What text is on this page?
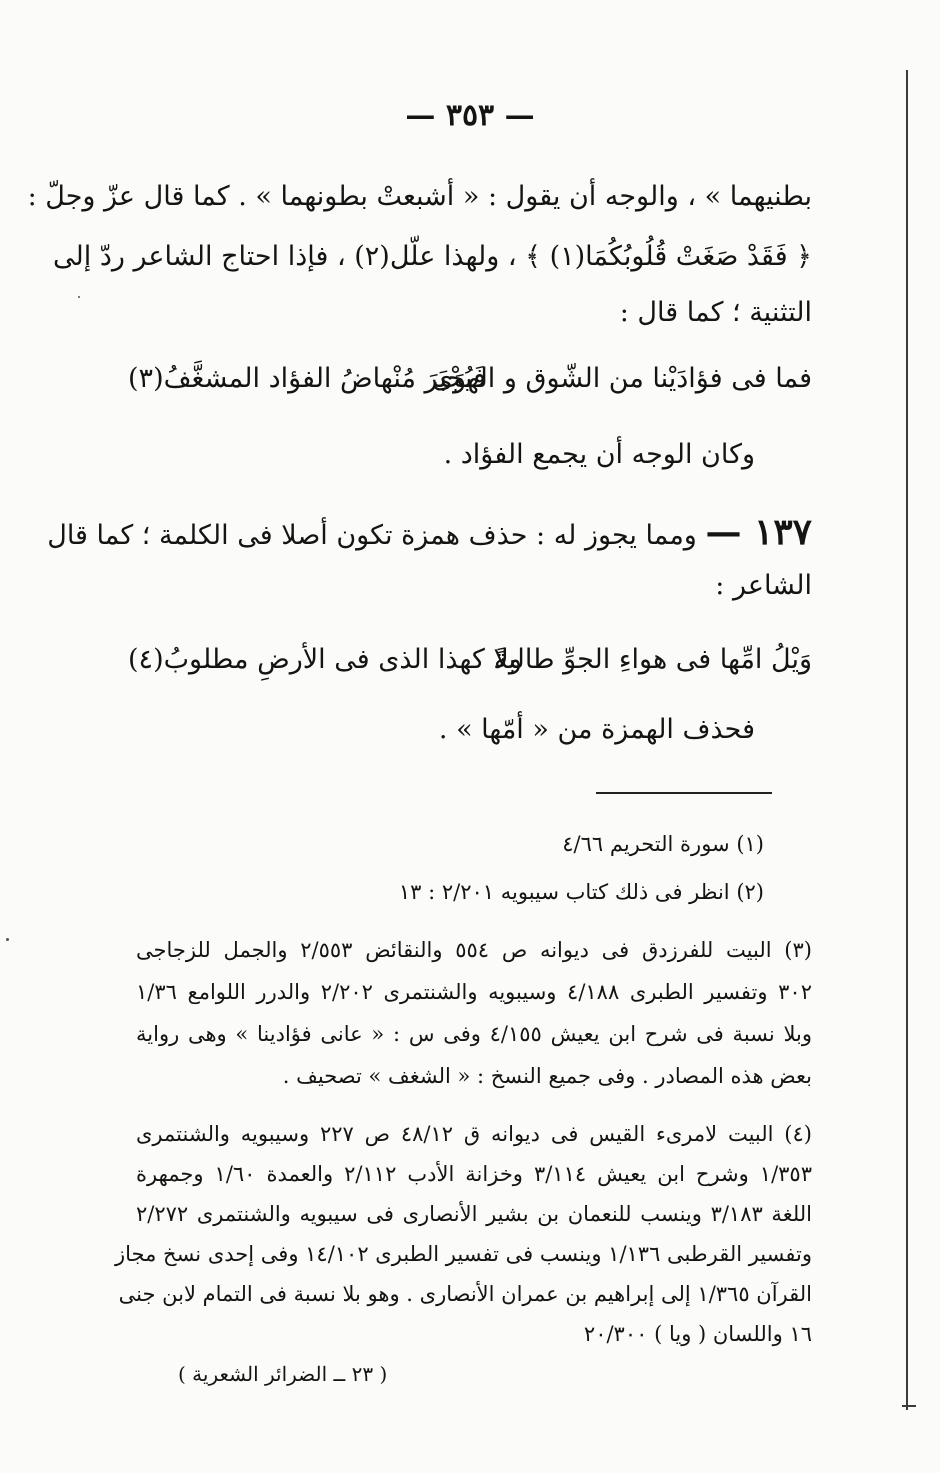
— ٣٥٣ —
بطنيهما » ، والوجه أن يقول : « أشبعتْ بطونهما » . كما قال عزّ وجلّ :
﴿ فَقَدْ صَغَتْ قُلُوبُكُمَا(١) ﴾ ، ولهذا علّل(٢) ، فإذا احتاج الشاعر ردّ إلى
التثنية ؛ كما قال :
فما فى فؤادَيْنا من الشّوق و الهوَى
فَيُجْبَرَ مُنْهاضُ الفؤاد المشغَّفُ(٣)
وكان الوجه أن يجمع الفؤاد .
١٣٧ — ومما يجوز له : حذف همزة تكون أصلا فى الكلمة ؛ كما قال
الشاعر :
وَيْلُ امِّها فى هواءِ الجوِّ طالبةً
ولا كهذا الذى فى الأرضِ مطلوبُ(٤)
فحذف الهمزة من « أمّها » .
(١) سورة التحريم ٤/٦٦
(٢) انظر فى ذلك كتاب سيبويه ٢/٢٠١ : ١٣
(٣) البيت للفرزدق فى ديوانه ص ٥٥٤ والنقائض ٢/٥٥٣ والجمل للزجاجى
٣٠٢ وتفسير الطبرى ٤/١٨٨ وسيبويه والشنتمرى ٢/٢٠٢ والدرر اللوامع ١/٣٦
وبلا نسبة فى شرح ابن يعيش ٤/١٥٥ وفى س : « عانى فؤادينا » وهى رواية
بعض هذه المصادر . وفى جميع النسخ : « الشغف » تصحيف .
(٤) البيت لامرىء القيس فى ديوانه ق ٤٨/١٢ ص ٢٢٧ وسيبويه والشنتمرى
١/٣٥٣ وشرح ابن يعيش ٣/١١٤ وخزانة الأدب ٢/١١٢ والعمدة ١/٦٠ وجمهرة
اللغة ٣/١٨٣ وينسب للنعمان بن بشير الأنصارى فى سيبويه والشنتمرى ٢/٢٧٢
وتفسير القرطبى ١/١٣٦ وينسب فى تفسير الطبرى ١٤/١٠٢ وفى إحدى نسخ مجاز
القرآن ١/٣٦٥ إلى إبراهيم بن عمران الأنصارى . وهو بلا نسبة فى التمام لابن جنى
١٦ واللسان ( ويا ) ٢٠/٣٠٠
( ٢٣ ــ الضرائر الشعرية )
